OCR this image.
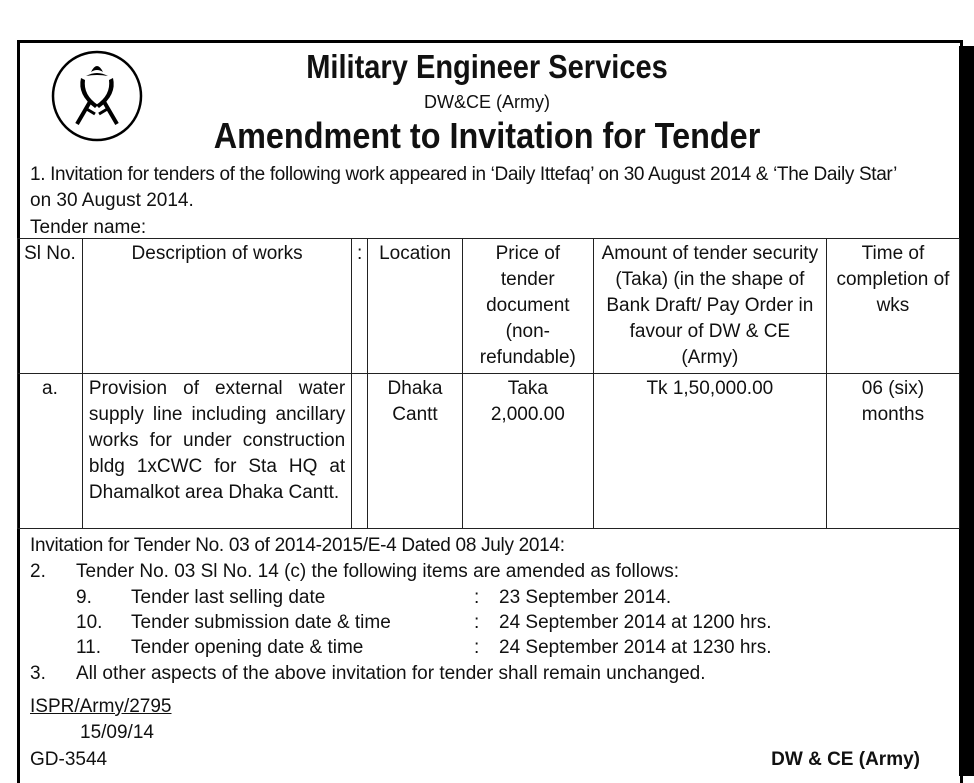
Military Engineer Services
DW&CE (Army)
Amendment to Invitation for Tender
1. Invitation for tenders of the following work appeared in ‘Daily Ittefaq’ on 30 August 2014 & ‘The Daily Star’
on 30 August 2014.
Tender name:
Sl No.	Description of works	:	Location	Price of tender document (non-refundable)	Amount of tender security (Taka) (in the shape of Bank Draft/ Pay Order in favour of DW & CE (Army)	Time of completion of wks
a.	Provision of external water supply line including ancillary works for under construction bldg 1xCWC for Sta HQ at Dhamalkot area Dhaka Cantt.		Dhaka Cantt	Taka 2,000.00	Tk 1,50,000.00	06 (six) months
Invitation for Tender No. 03 of 2014-2015/E-4 Dated 08 July 2014:
2. Tender No. 03 Sl No. 14 (c) the following items are amended as follows:
9. Tender last selling date	: 23 September 2014.
10. Tender submission date & time	: 24 September 2014 at 1200 hrs.
11. Tender opening date & time	: 24 September 2014 at 1230 hrs.
3. All other aspects of the above invitation for tender shall remain unchanged.
ISPR/Army/2795
15/09/14
GD-3544	DW & CE (Army)
